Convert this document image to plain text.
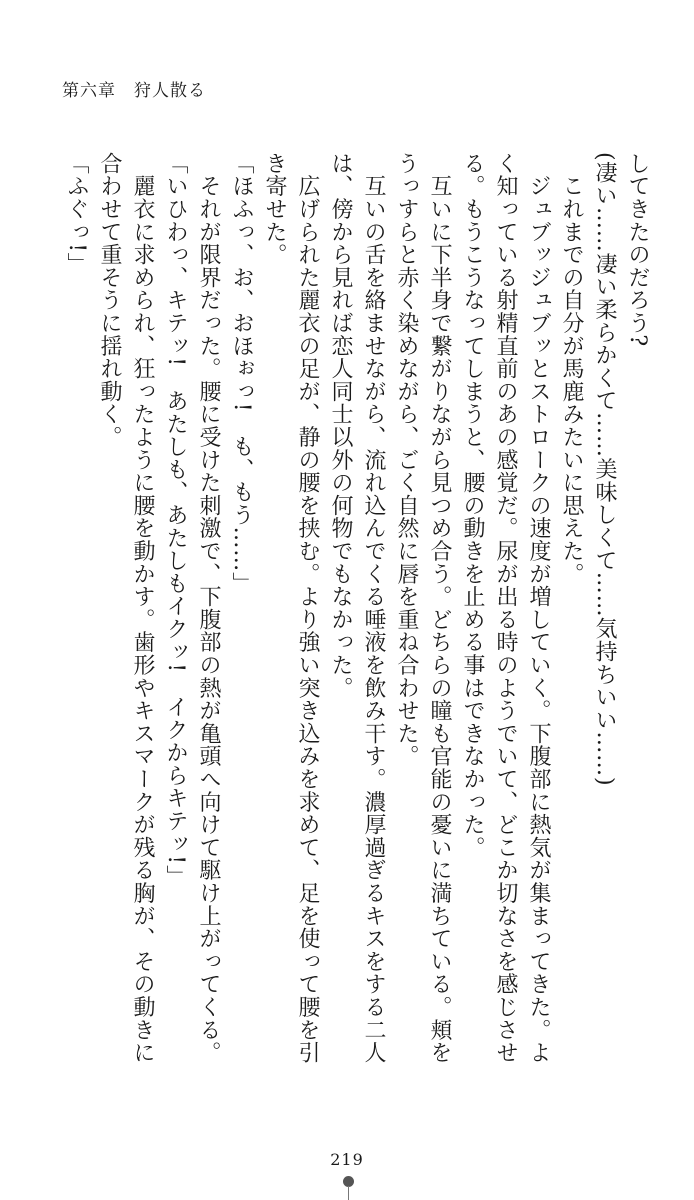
第六章 狩人散る
してきたのだろう?
(凄い……凄い柔らかくて……美味しくて……気持ちいい……)
　これまでの自分が馬鹿みたいに思えた。
　ジュブッジュブッとストロークの速度が増していく。下腹部に熱気が集まってきた。よ
く知っている射精直前のあの感覚だ。尿が出る時のようでいて、どこか切なさを感じさせ
る。もうこうなってしまうと、腰の動きを止める事はできなかった。
　互いに下半身で繋がりながら見つめ合う。どちらの瞳も官能の憂いに満ちている。頬を
うっすらと赤く染めながら、ごく自然に唇を重ね合わせた。
　互いの舌を絡ませながら、流れ込んでくる唾液を飲み干す。濃厚過ぎるキスをする二人
は、傍から見れば恋人同士以外の何物でもなかった。
　広げられた麗衣の足が、静の腰を挟む。より強い突き込みを求めて、足を使って腰を引
き寄せた。
「ほふっ、お、おほぉっ!　も、もう……」
　それが限界だった。腰に受けた刺激で、下腹部の熱が亀頭へ向けて駆け上がってくる。
「いひわっ、キテッ!　あたしも、あたしもイクッ!　イクからキテッ!」
　麗衣に求められ、狂ったように腰を動かす。歯形やキスマークが残る胸が、その動きに
合わせて重そうに揺れ動く。
「ふぐっ!」
219
